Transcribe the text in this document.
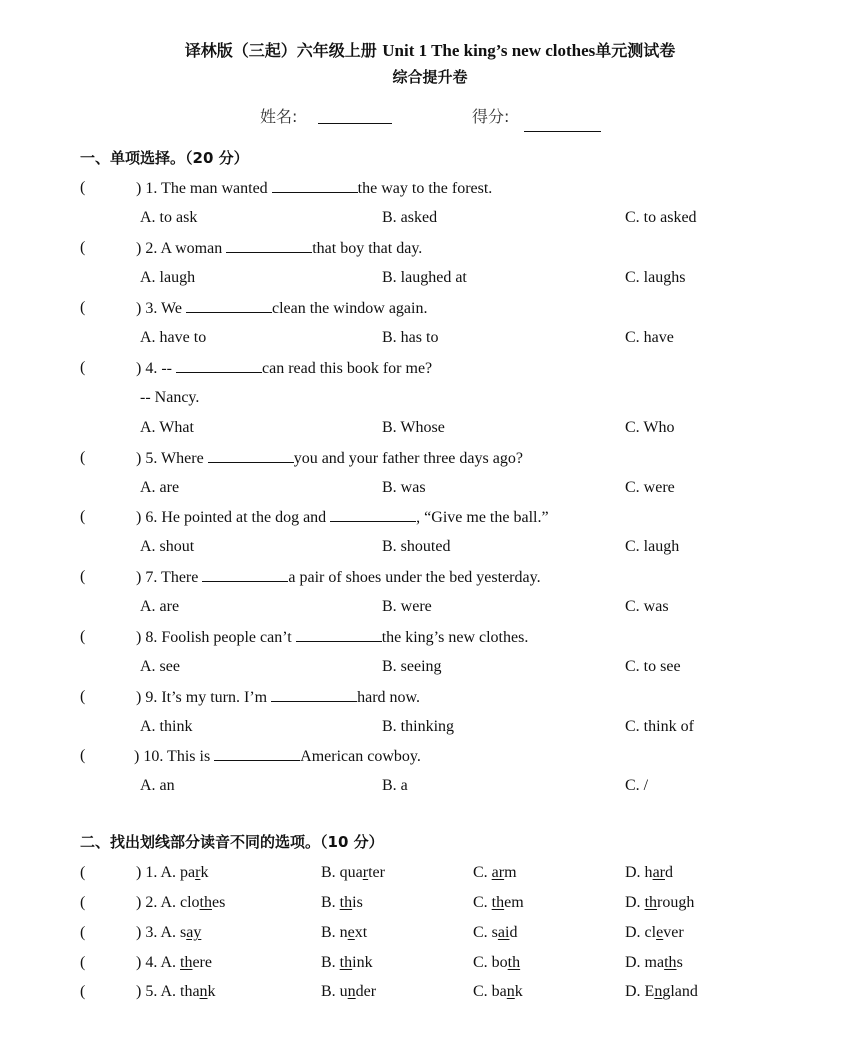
译林版（三起）六年级上册 Unit 1 The king’s new clothes单元测试卷
综合提升卷
姓名:	得分:
一、单项选择。（20 分）
(	) 1. The man wanted	the way to the forest.
A. to ask	B. asked	C. to asked
(	) 2. A woman	that boy that day.
A. laugh	B. laughed at	C. laughs
(	) 3. We	clean the window again.
A. have to	B. has to	C. have
(	) 4. --	can read this book for me?
-- Nancy.
A. What	B. Whose	C. Who
(	) 5. Where	you and your father three days ago?
A. are	B. was	C. were
(	) 6. He pointed at the dog and	, “Give me the ball.”
A. shout	B. shouted	C. laugh
(	) 7. There	a pair of shoes under the bed yesterday.
A. are	B. were	C. was
(	) 8. Foolish people can’t	the king’s new clothes.
A. see	B. seeing	C. to see
(	) 9. It’s my turn. I’m	hard now.
A. think	B. thinking	C. think of
(	) 10. This is	American cowboy.
A. an	B. a	C. /
二、找出划线部分读音不同的选项。（10 分）
(	) 1. A. park	B. quarter	C. arm	D. hard
(	) 2. A. clothes	B. this	C. them	D. through
(	) 3. A. say	B. next	C. said	D. clever
(	) 4. A. there	B. think	C. both	D. maths
(	) 5. A. thank	B. under	C. bank	D. England
